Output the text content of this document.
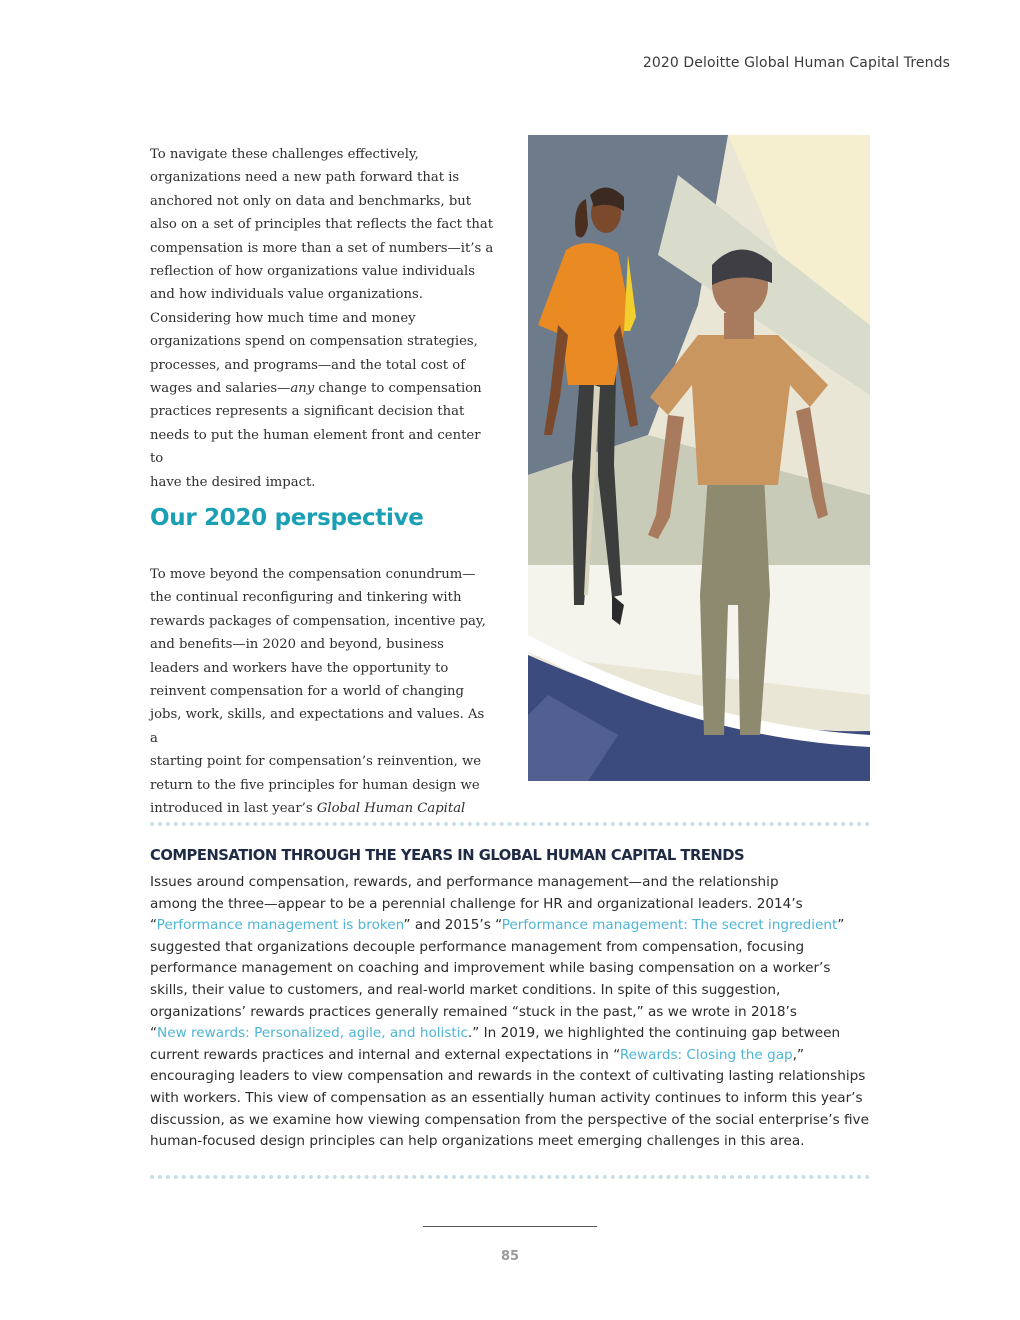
2020 Deloitte Global Human Capital Trends

To navigate these challenges effectively,
organizations need a new path forward that is
anchored not only on data and benchmarks, but
also on a set of principles that reflects the fact that
compensation is more than a set of numbers—it’s a
reflection of how organizations value individuals
and how individuals value organizations.
Considering how much time and money
organizations spend on compensation strategies,
processes, and programs—and the total cost of
wages and salaries—any change to compensation
practices represents a significant decision that
needs to put the human element front and center to
have the desired impact.

Our 2020 perspective

To move beyond the compensation conundrum—
the continual reconfiguring and tinkering with
rewards packages of compensation, incentive pay,
and benefits—in 2020 and beyond, business
leaders and workers have the opportunity to
reinvent compensation for a world of changing
jobs, work, skills, and expectations and values. As a
starting point for compensation’s reinvention, we
return to the five principles for human design we
introduced in last year’s Global Human Capital

COMPENSATION THROUGH THE YEARS IN GLOBAL HUMAN CAPITAL TRENDS

Issues around compensation, rewards, and performance management—and the relationship
among the three—appear to be a perennial challenge for HR and organizational leaders. 2014’s
“Performance management is broken” and 2015’s “Performance management: The secret ingredient”
suggested that organizations decouple performance management from compensation, focusing
performance management on coaching and improvement while basing compensation on a worker’s
skills, their value to customers, and real-world market conditions. In spite of this suggestion,
organizations’ rewards practices generally remained “stuck in the past,” as we wrote in 2018’s
“New rewards: Personalized, agile, and holistic.” In 2019, we highlighted the continuing gap between
current rewards practices and internal and external expectations in “Rewards: Closing the gap,”
encouraging leaders to view compensation and rewards in the context of cultivating lasting relationships
with workers. This view of compensation as an essentially human activity continues to inform this year’s
discussion, as we examine how viewing compensation from the perspective of the social enterprise’s five
human-focused design principles can help organizations meet emerging challenges in this area.

85
